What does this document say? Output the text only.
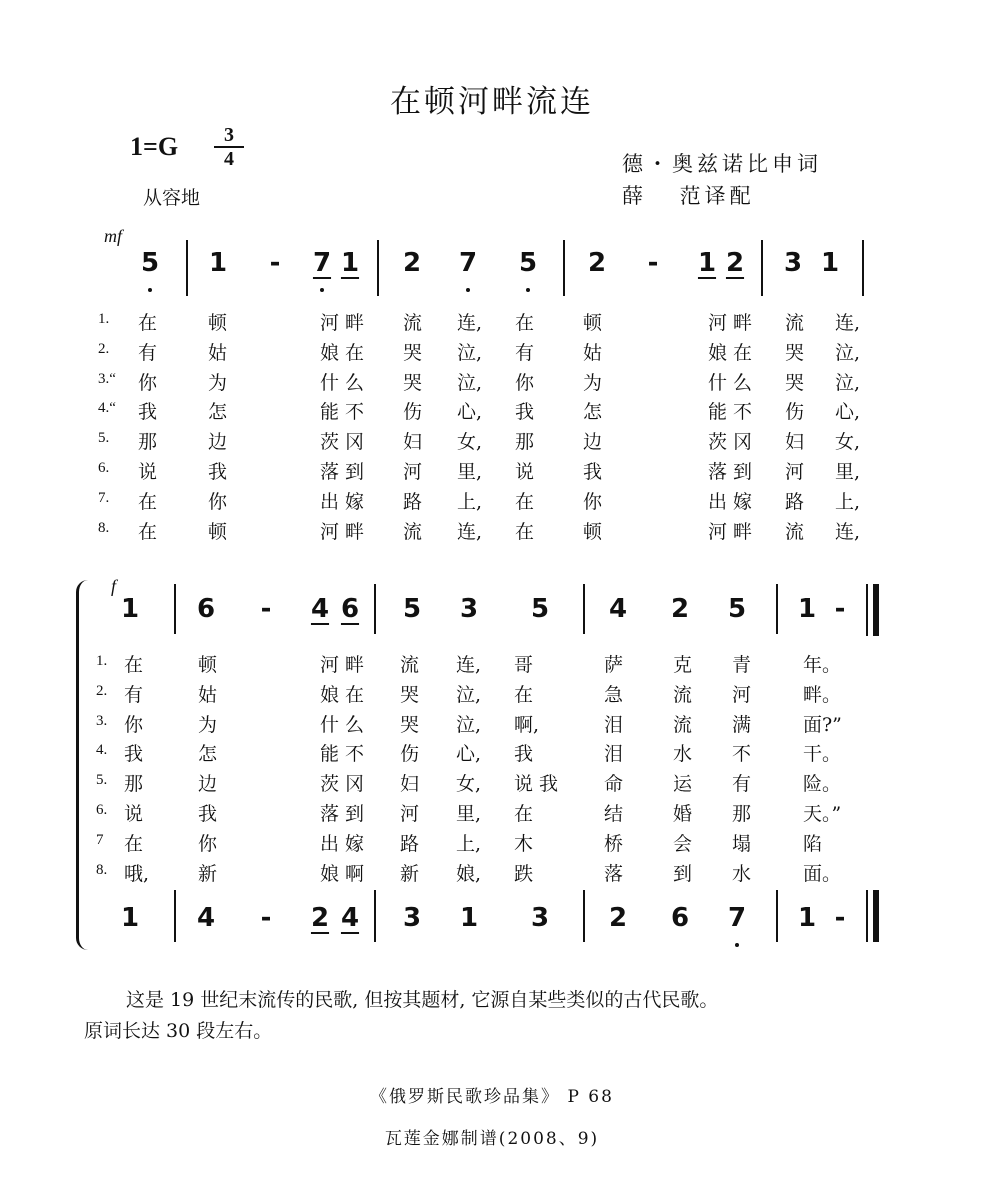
在顿河畔流连
1=G	3
4
从容地
德・奥兹诺比申词
薛 范译配
mf
f
5 1	-	7 1 2 7 5 2	-	1 2 3 1
1 6	-	4 6 5 3 5 4 2 5 1 -
1 4	-	2 4 3 1 3 2 6 7 1 -
1. 在	顿	河畔 流 连, 在	顿	河畔 流 连,
2. 有	姑	娘在 哭 泣, 有	姑	娘在 哭 泣,
3.“ 你	为	什么 哭 泣, 你	为	什么 哭 泣,
4.“ 我	怎	能不 伤 心, 我	怎	能不 伤 心,
5. 那	边	茨冈 妇 女, 那	边	茨冈 妇 女,
6. 说	我	落到 河 里, 说	我	落到 河 里,
7. 在	你	出嫁 路 上, 在	你	出嫁 路 上,
8. 在	顿	河畔 流 连, 在	顿	河畔 流 连,
1. 在	顿	河畔 流 连, 哥	萨	克 青	年。
2. 有	姑	娘在 哭 泣, 在	急	流 河	畔。
3. 你	为	什么 哭 泣, 啊,	泪	流 满	面?”
4. 我	怎	能不 伤 心, 我	泪	水 不	干。
5. 那	边	茨冈 妇 女, 说我 命	运 有	险。
6. 说	我	落到 河 里, 在	结	婚 那	天。”
7 在	你	出嫁 路 上, 木	桥	会 塌	陷
8. 哦,	新	娘啊 新 娘, 跌	落	到 水	面。
这是 19 世纪末流传的民歌, 但按其题材, 它源自某些类似的古代民歌。
原词长达 30 段左右。
《俄罗斯民歌珍品集》 P 68
瓦莲金娜制谱(2008、9)
